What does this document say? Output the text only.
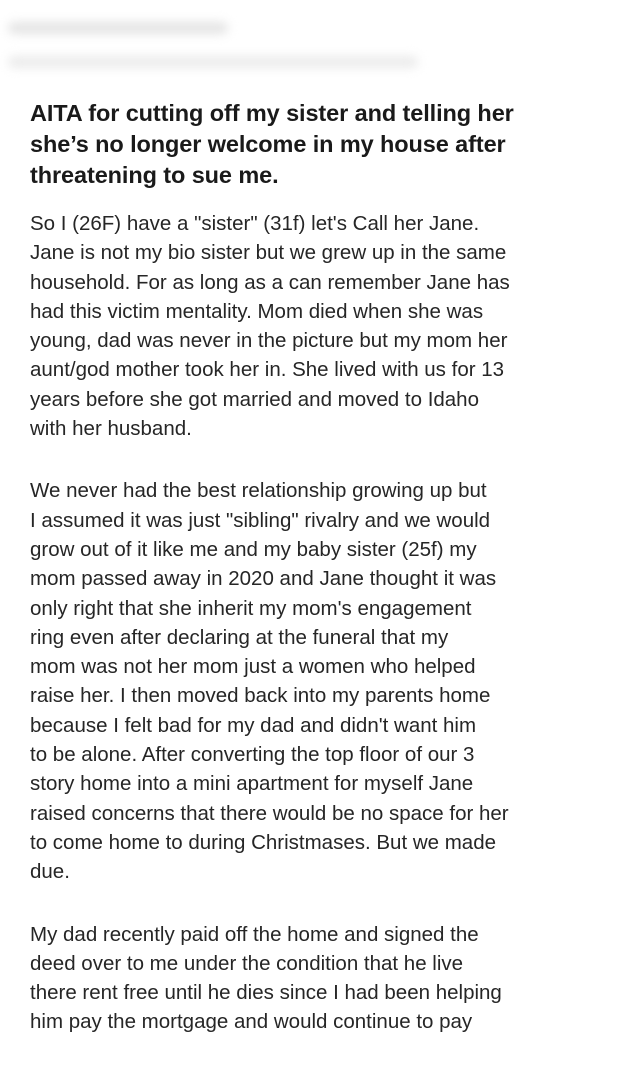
AITA for cutting off my sister and telling her
she’s no longer welcome in my house after
threatening to sue me.

So I (26F) have a "sister" (31f) let's Call her Jane.
Jane is not my bio sister but we grew up in the same
household. For as long as a can remember Jane has
had this victim mentality. Mom died when she was
young, dad was never in the picture but my mom her
aunt/god mother took her in. She lived with us for 13
years before she got married and moved to Idaho
with her husband.

We never had the best relationship growing up but
I assumed it was just "sibling" rivalry and we would
grow out of it like me and my baby sister (25f) my
mom passed away in 2020 and Jane thought it was
only right that she inherit my mom's engagement
ring even after declaring at the funeral that my
mom was not her mom just a women who helped
raise her. I then moved back into my parents home
because I felt bad for my dad and didn't want him
to be alone. After converting the top floor of our 3
story home into a mini apartment for myself Jane
raised concerns that there would be no space for her
to come home to during Christmases. But we made
due.

My dad recently paid off the home and signed the
deed over to me under the condition that he live
there rent free until he dies since I had been helping
him pay the mortgage and would continue to pay
